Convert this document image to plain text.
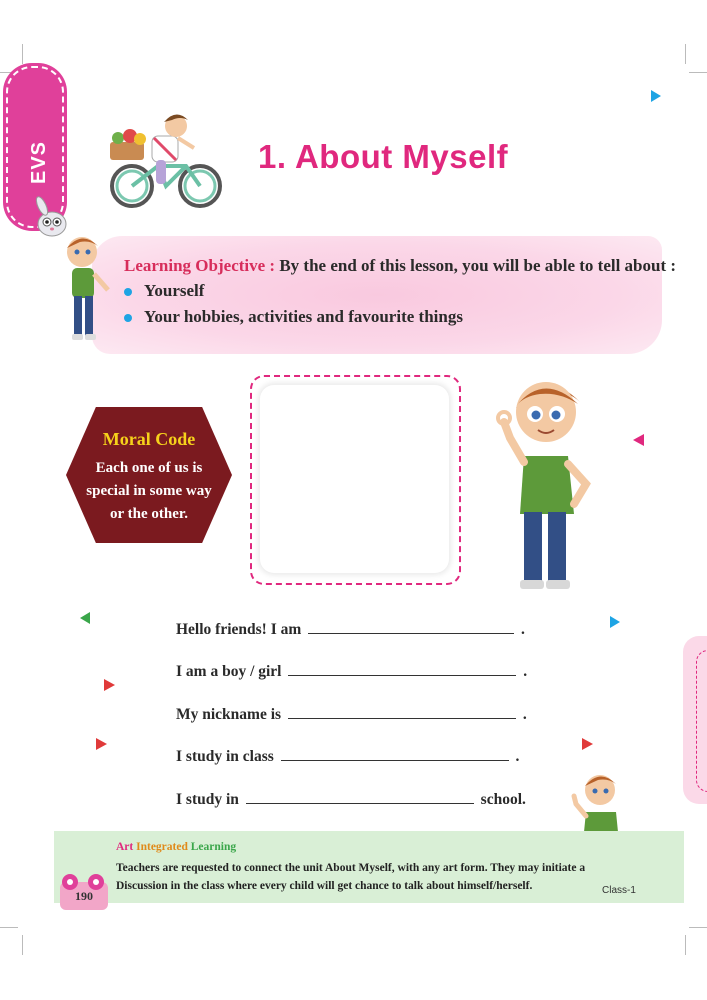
EVS	1. About Myself
Learning Objective : By the end of this lesson, you will be able to tell about :
Yourself
Your hobbies, activities and favourite things
Moral Code
Each one of us is
special in some way
or the other.
Hello friends! I am	.
I am a boy / girl	.
My nickname is	.
I study in class	.
I study in	school.
Art Integrated Learning
Teachers are requested to connect the unit About Myself, with any art form. They may initiate a
Discussion in the class where every child will get chance to talk about himself/herself.	Class-1
190
